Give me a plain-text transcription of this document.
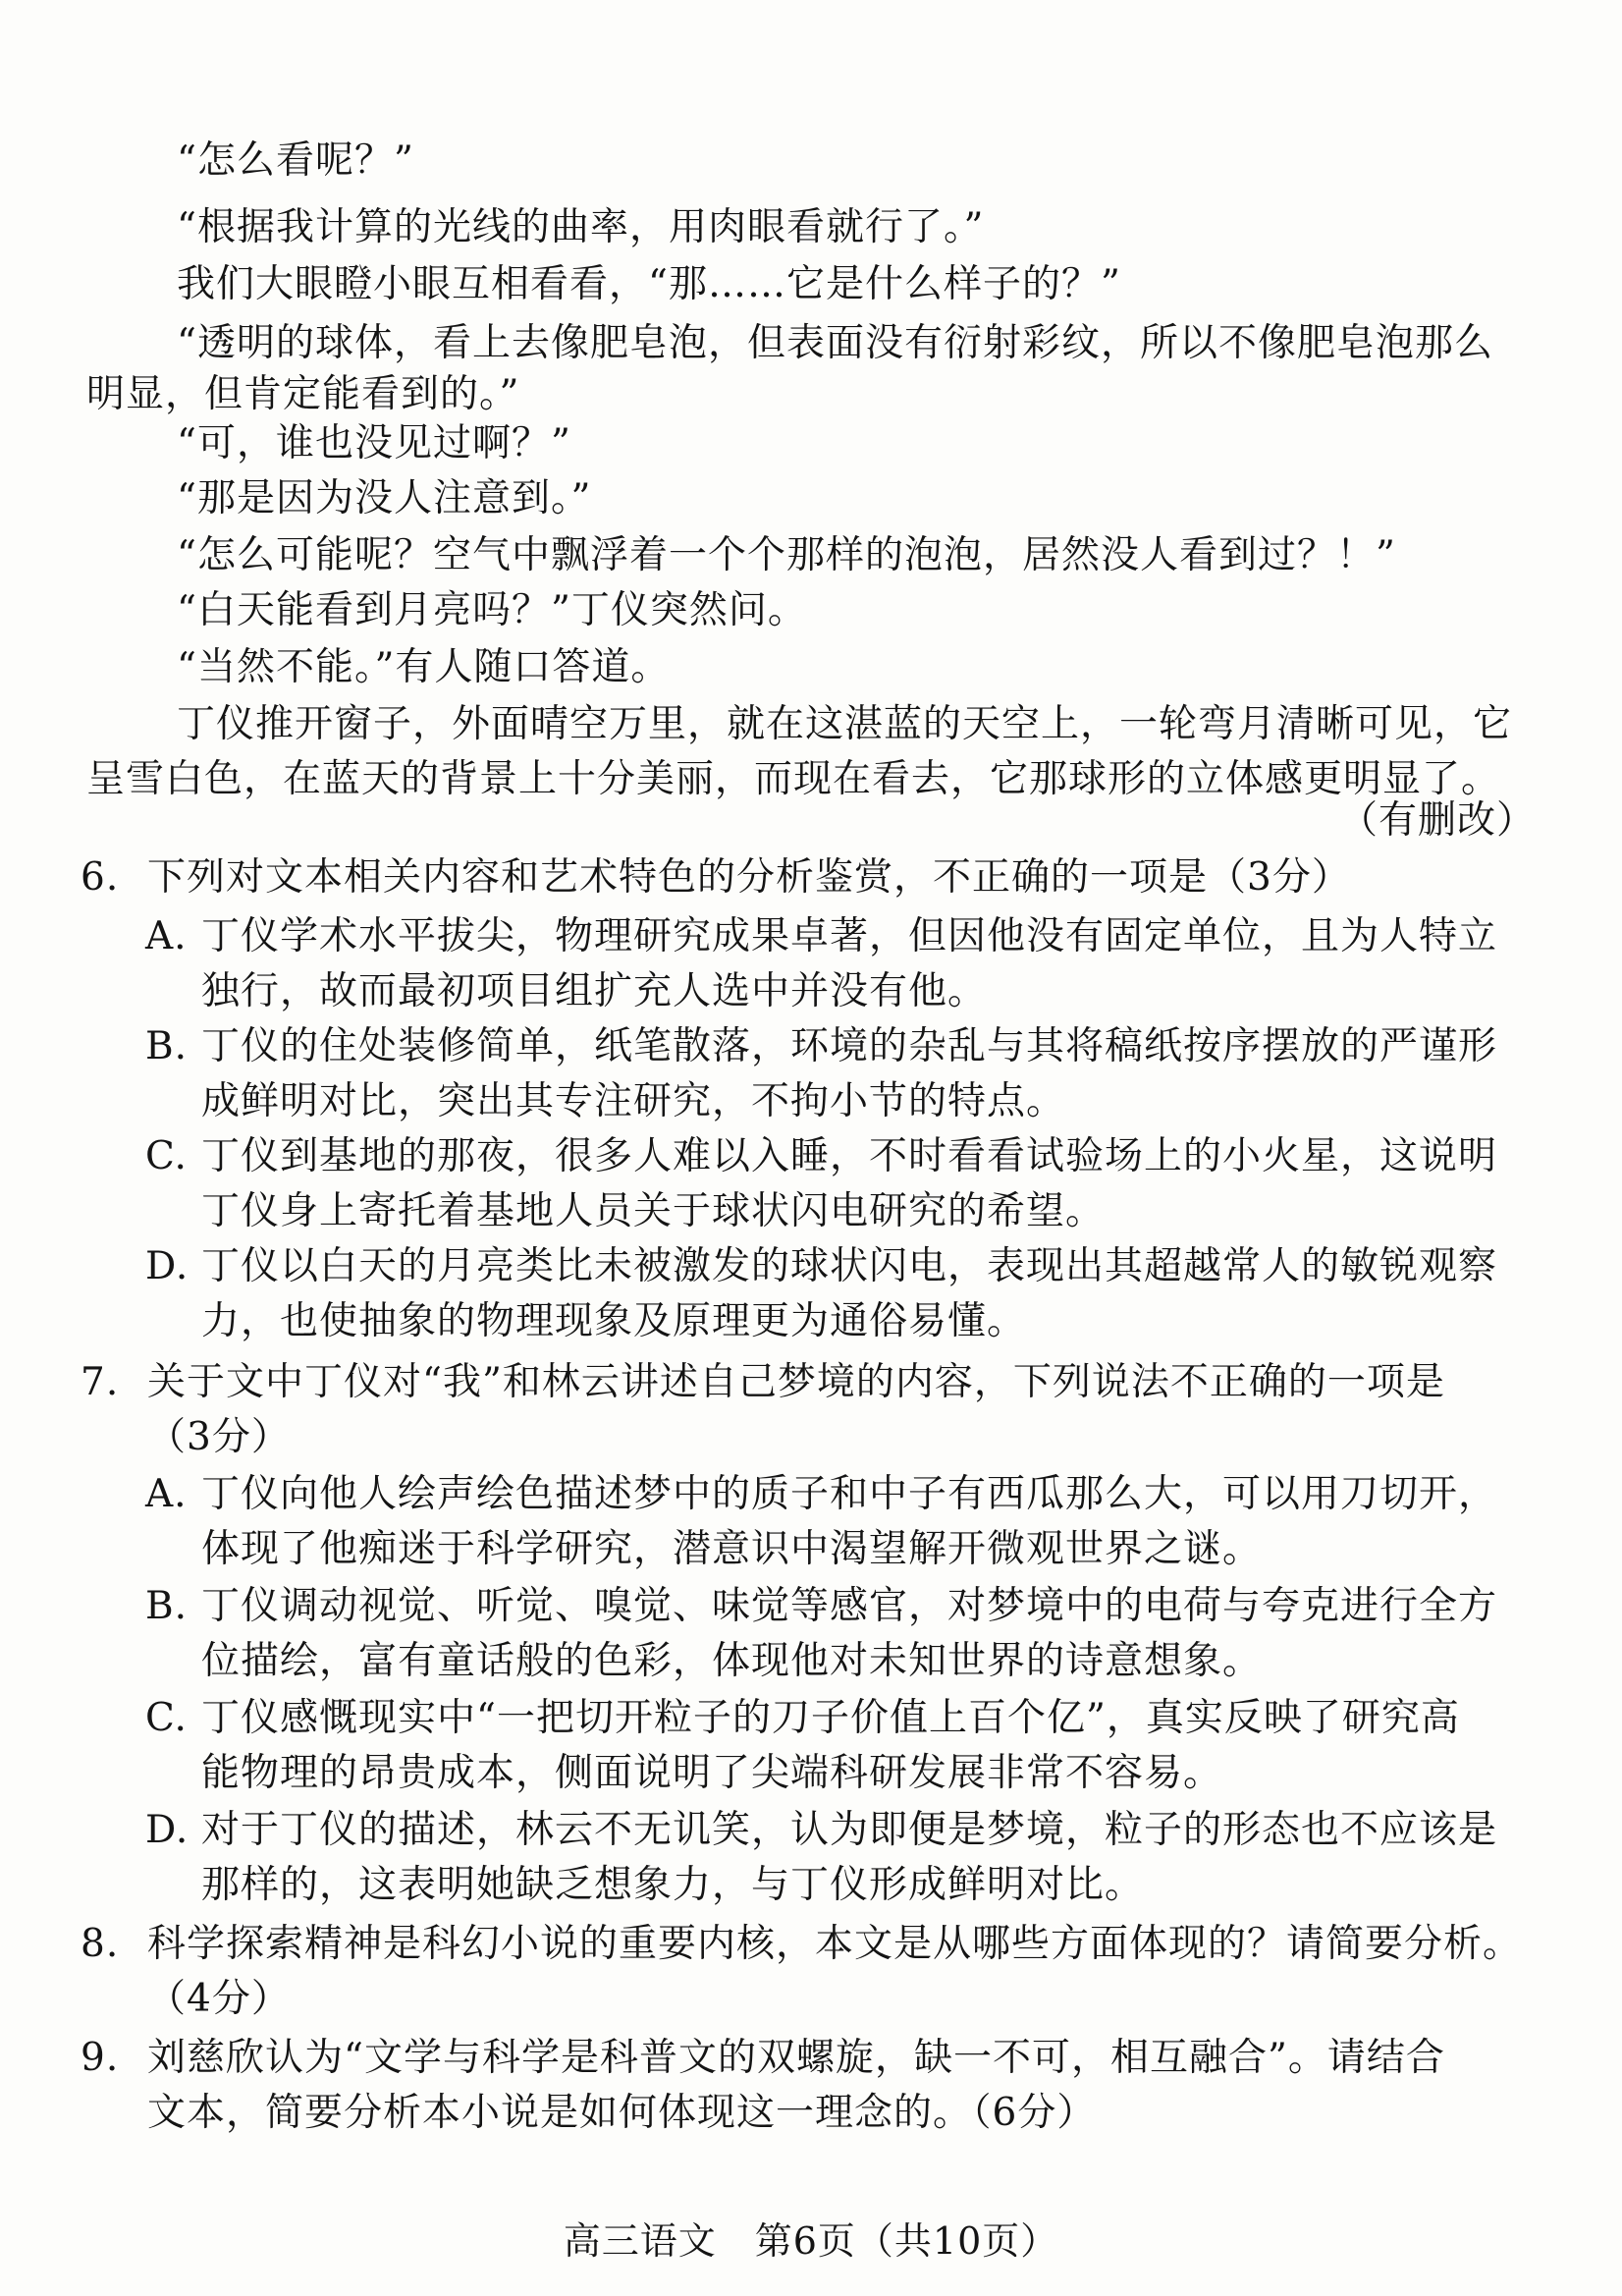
“怎么看呢？”
“根据我计算的光线的曲率，用肉眼看就行了。”
我们大眼瞪小眼互相看看，“那……它是什么样子的？”
“透明的球体，看上去像肥皂泡，但表面没有衍射彩纹，所以不像肥皂泡那么
明显，但肯定能看到的。”
“可，谁也没见过啊？”
“那是因为没人注意到。”
“怎么可能呢？空气中飘浮着一个个那样的泡泡，居然没人看到过？！”
“白天能看到月亮吗？”丁仪突然问。
“当然不能。”有人随口答道。
丁仪推开窗子，外面晴空万里，就在这湛蓝的天空上，一轮弯月清晰可见，它
呈雪白色，在蓝天的背景上十分美丽，而现在看去，它那球形的立体感更明显了。
（有删改）
6. 下列对文本相关内容和艺术特色的分析鉴赏，不正确的一项是（3分）
A. 丁仪学术水平拔尖，物理研究成果卓著，但因他没有固定单位，且为人特立
独行，故而最初项目组扩充人选中并没有他。
B. 丁仪的住处装修简单，纸笔散落，环境的杂乱与其将稿纸按序摆放的严谨形
成鲜明对比，突出其专注研究，不拘小节的特点。
C. 丁仪到基地的那夜，很多人难以入睡，不时看看试验场上的小火星，这说明
丁仪身上寄托着基地人员关于球状闪电研究的希望。
D. 丁仪以白天的月亮类比未被激发的球状闪电，表现出其超越常人的敏锐观察
力，也使抽象的物理现象及原理更为通俗易懂。
7. 关于文中丁仪对“我”和林云讲述自己梦境的内容，下列说法不正确的一项是
（3分）
A. 丁仪向他人绘声绘色描述梦中的质子和中子有西瓜那么大，可以用刀切开，
体现了他痴迷于科学研究，潜意识中渴望解开微观世界之谜。
B. 丁仪调动视觉、听觉、嗅觉、味觉等感官，对梦境中的电荷与夸克进行全方
位描绘，富有童话般的色彩，体现他对未知世界的诗意想象。
C. 丁仪感慨现实中“一把切开粒子的刀子价值上百个亿”，真实反映了研究高
能物理的昂贵成本，侧面说明了尖端科研发展非常不容易。
D. 对于丁仪的描述，林云不无讥笑，认为即便是梦境，粒子的形态也不应该是
那样的，这表明她缺乏想象力，与丁仪形成鲜明对比。
8. 科学探索精神是科幻小说的重要内核，本文是从哪些方面体现的？请简要分析。
（4分）
9. 刘慈欣认为“文学与科学是科普文的双螺旋，缺一不可，相互融合”。请结合
文本，简要分析本小说是如何体现这一理念的。（6分）
高三语文　第6页（共10页）
